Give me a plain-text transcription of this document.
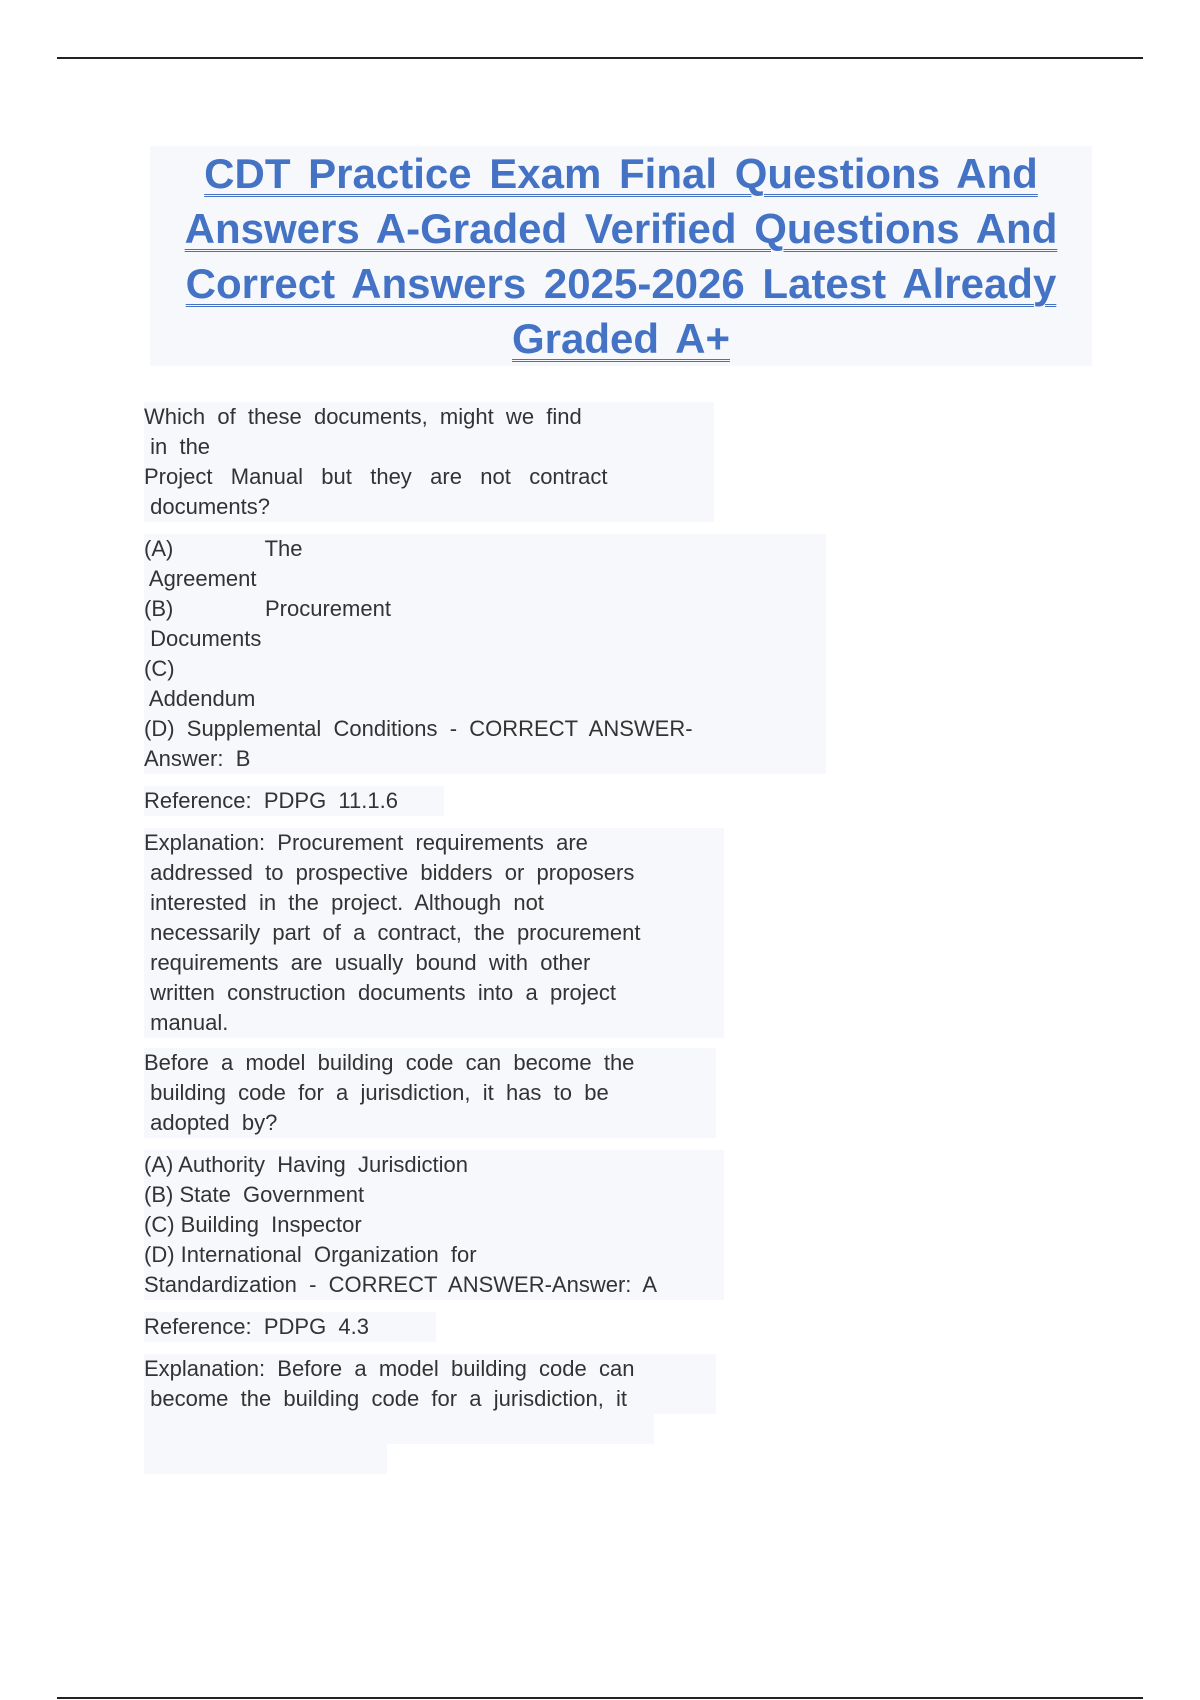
CDT Practice Exam Final Questions And
Answers A-Graded Verified Questions And
Correct Answers 2025-2026 Latest Already
Graded A+
Which  of  these  documents,  might  we  find
in  the
Project   Manual   but   they   are   not   contract
documents?
(A)               The
Agreement
(B)               Procurement
Documents
(C)
Addendum
(D)  Supplemental  Conditions  -  CORRECT  ANSWER-
Answer:  B
Reference:  PDPG  11.1.6
Explanation:  Procurement  requirements  are
addressed  to  prospective  bidders  or  proposers
interested  in  the  project.  Although  not
necessarily  part  of  a  contract,  the  procurement
requirements  are  usually  bound  with  other
written  construction  documents  into  a  project
manual.
Before  a  model  building  code  can  become  the
building  code  for  a  jurisdiction,  it  has  to  be
adopted  by?
(A) Authority  Having  Jurisdiction
(B) State  Government
(C) Building  Inspector
(D) International  Organization  for
Standardization  -  CORRECT  ANSWER-Answer:  A
Reference:  PDPG  4.3
Explanation:  Before  a  model  building  code  can
become  the  building  code  for  a  jurisdiction,  it
